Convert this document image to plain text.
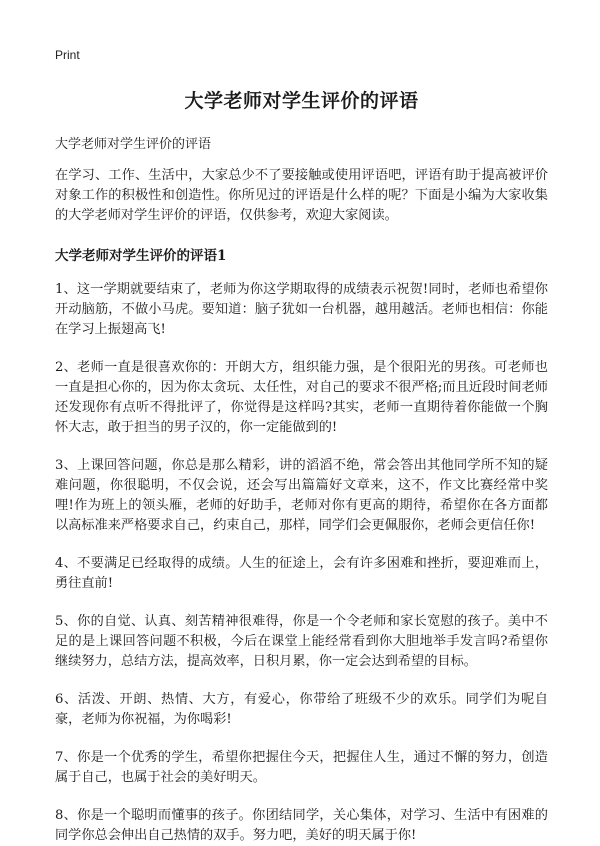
Print
大学老师对学生评价的评语
大学老师对学生评价的评语
在学习、工作、生活中，大家总少不了要接触或使用评语吧，评语有助于提高被评价对象工作的积极性和创造性。你所见过的评语是什么样的呢？下面是小编为大家收集的大学老师对学生评价的评语，仅供参考，欢迎大家阅读。
大学老师对学生评价的评语1
1、这一学期就要结束了，老师为你这学期取得的成绩表示祝贺!同时，老师也希望你开动脑筋，不做小马虎。要知道：脑子犹如一台机器，越用越活。老师也相信：你能在学习上振翅高飞!
2、老师一直是很喜欢你的：开朗大方，组织能力强，是个很阳光的男孩。可老师也一直是担心你的，因为你太贪玩、太任性，对自己的要求不很严格;而且近段时间老师还发现你有点听不得批评了，你觉得是这样吗?其实，老师一直期待着你能做一个胸怀大志，敢于担当的男子汉的，你一定能做到的!
3、上课回答问题，你总是那么精彩，讲的滔滔不绝，常会答出其他同学所不知的疑难问题，你很聪明，不仅会说，还会写出篇篇好文章来，这不，作文比赛经常中奖哩!作为班上的领头雁，老师的好助手，老师对你有更高的期待，希望你在各方面都以高标准来严格要求自己，约束自己，那样，同学们会更佩服你，老师会更信任你!
4、不要满足已经取得的成绩。人生的征途上，会有许多困难和挫折，要迎难而上，勇往直前!
5、你的自觉、认真、刻苦精神很难得，你是一个令老师和家长宽慰的孩子。美中不足的是上课回答问题不积极，今后在课堂上能经常看到你大胆地举手发言吗?希望你继续努力，总结方法，提高效率，日积月累，你一定会达到希望的目标。
6、活泼、开朗、热情、大方，有爱心，你带给了班级不少的欢乐。同学们为呢自豪，老师为你祝福，为你喝彩!
7、你是一个优秀的学生，希望你把握住今天，把握住人生，通过不懈的努力，创造属于自己，也属于社会的美好明天。
8、你是一个聪明而懂事的孩子。你团结同学，关心集体，对学习、生活中有困难的同学你总会伸出自己热情的双手。努力吧，美好的明天属于你!
